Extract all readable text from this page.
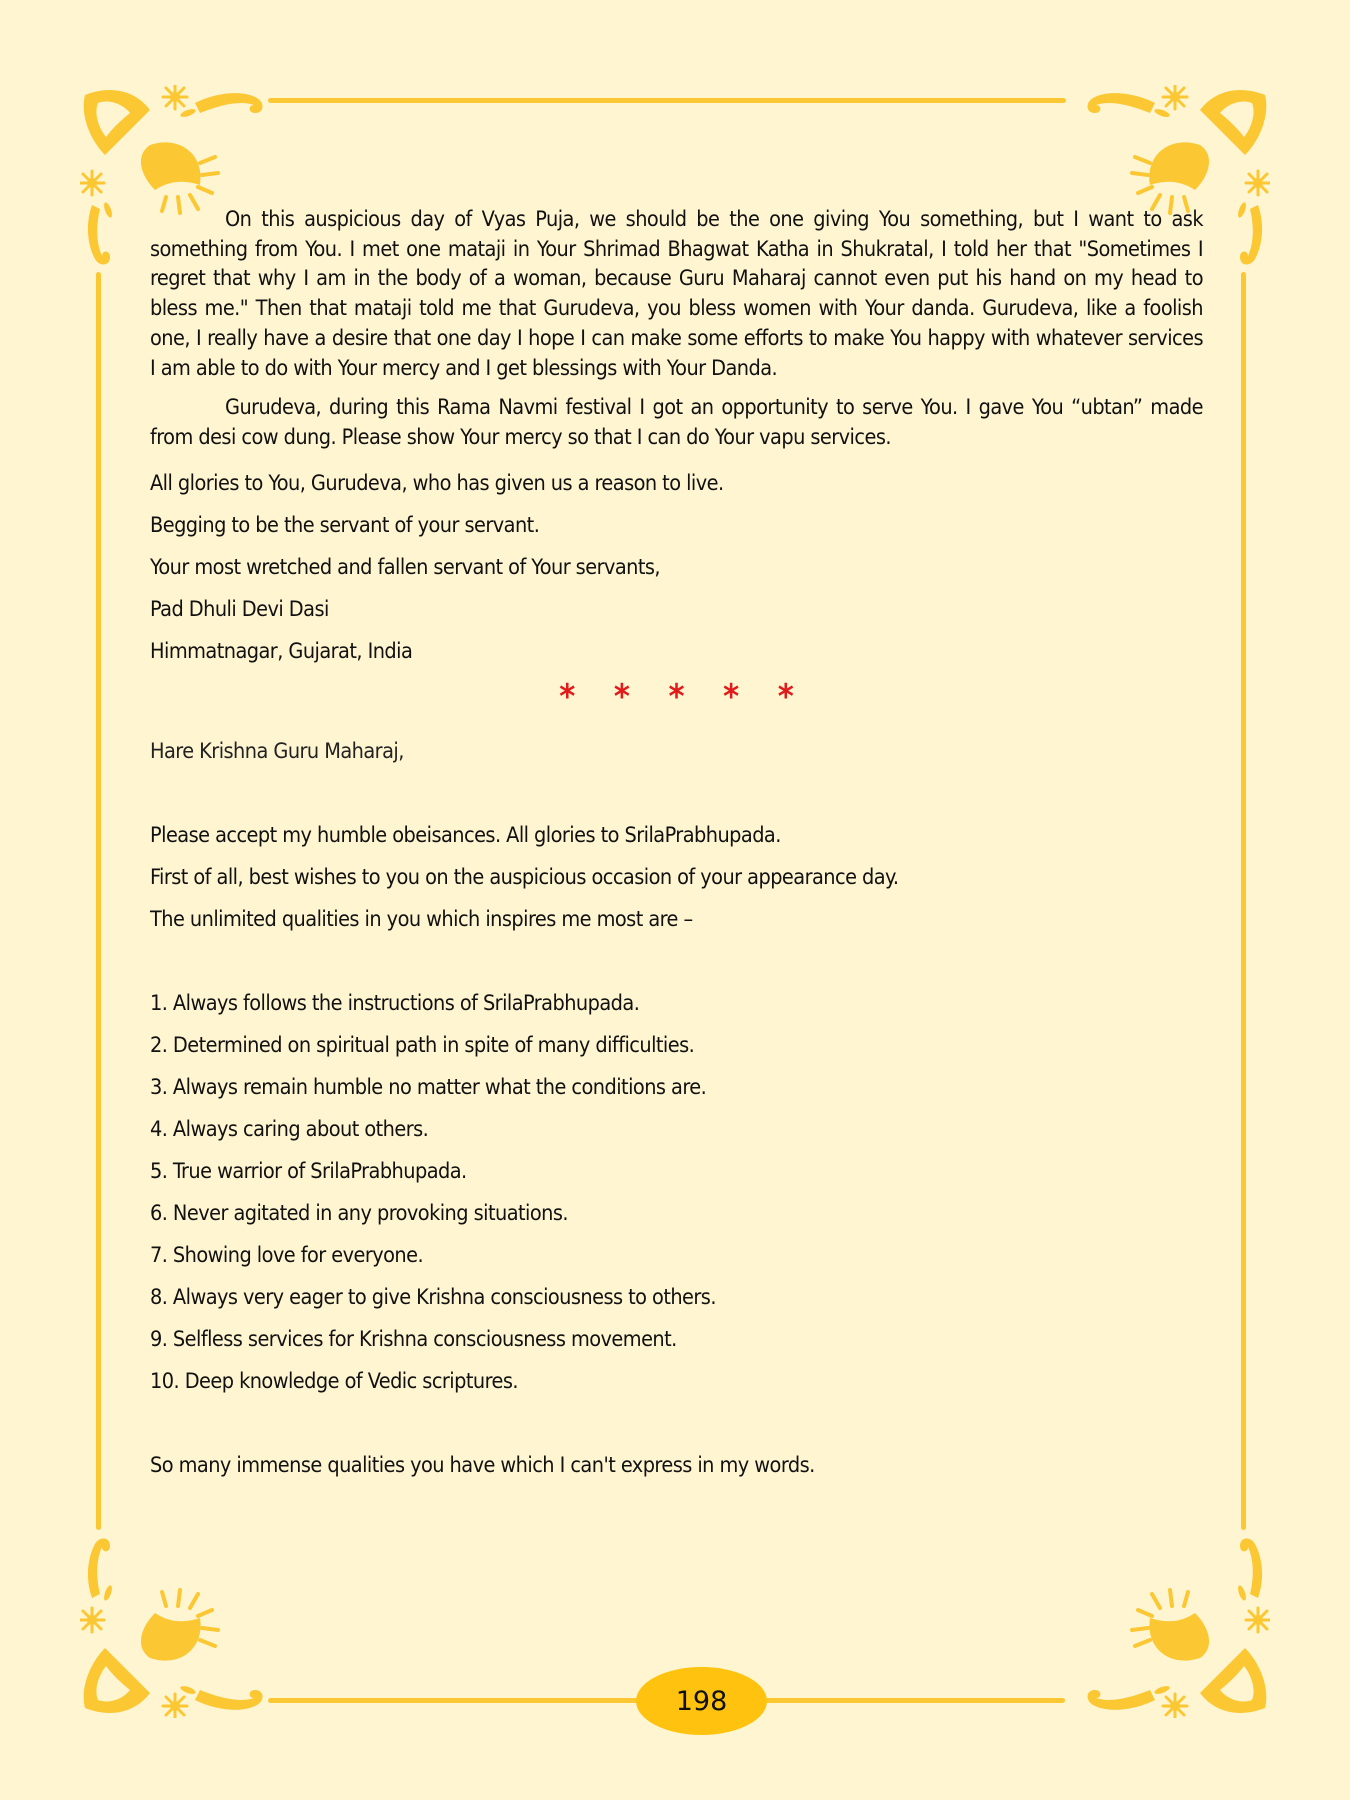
On this auspicious day of Vyas Puja, we should be the one giving You something, but I want to ask something from You. I met one mataji in Your Shrimad Bhagwat Katha in Shukratal, I told her that "Sometimes I regret that why I am in the body of a woman, because Guru Maharaj cannot even put his hand on my head to bless me." Then that mataji told me that Gurudeva, you bless women with Your danda. Gurudeva, like a foolish one, I really have a desire that one day I hope I can make some efforts to make You happy with whatever services I am able to do with Your mercy and I get blessings with Your Danda.

Gurudeva, during this Rama Navmi festival I got an opportunity to serve You. I gave You “ubtan” made from desi cow dung. Please show Your mercy so that I can do Your vapu services.

All glories to You, Gurudeva, who has given us a reason to live.

Begging to be the servant of your servant.

Your most wretched and fallen servant of Your servants,

Pad Dhuli Devi Dasi

Himmatnagar, Gujarat, India

* * * * *

Hare Krishna Guru Maharaj,

Please accept my humble obeisances. All glories to SrilaPrabhupada.

First of all, best wishes to you on the auspicious occasion of your appearance day.

The unlimited qualities in you which inspires me most are –

1. Always follows the instructions of SrilaPrabhupada.

2. Determined on spiritual path in spite of many difficulties.

3. Always remain humble no matter what the conditions are.

4. Always caring about others.

5. True warrior of SrilaPrabhupada.

6. Never agitated in any provoking situations.

7. Showing love for everyone.

8. Always very eager to give Krishna consciousness to others.

9. Selfless services for Krishna consciousness movement.

10. Deep knowledge of Vedic scriptures.

So many immense qualities you have which I can't express in my words.

198
